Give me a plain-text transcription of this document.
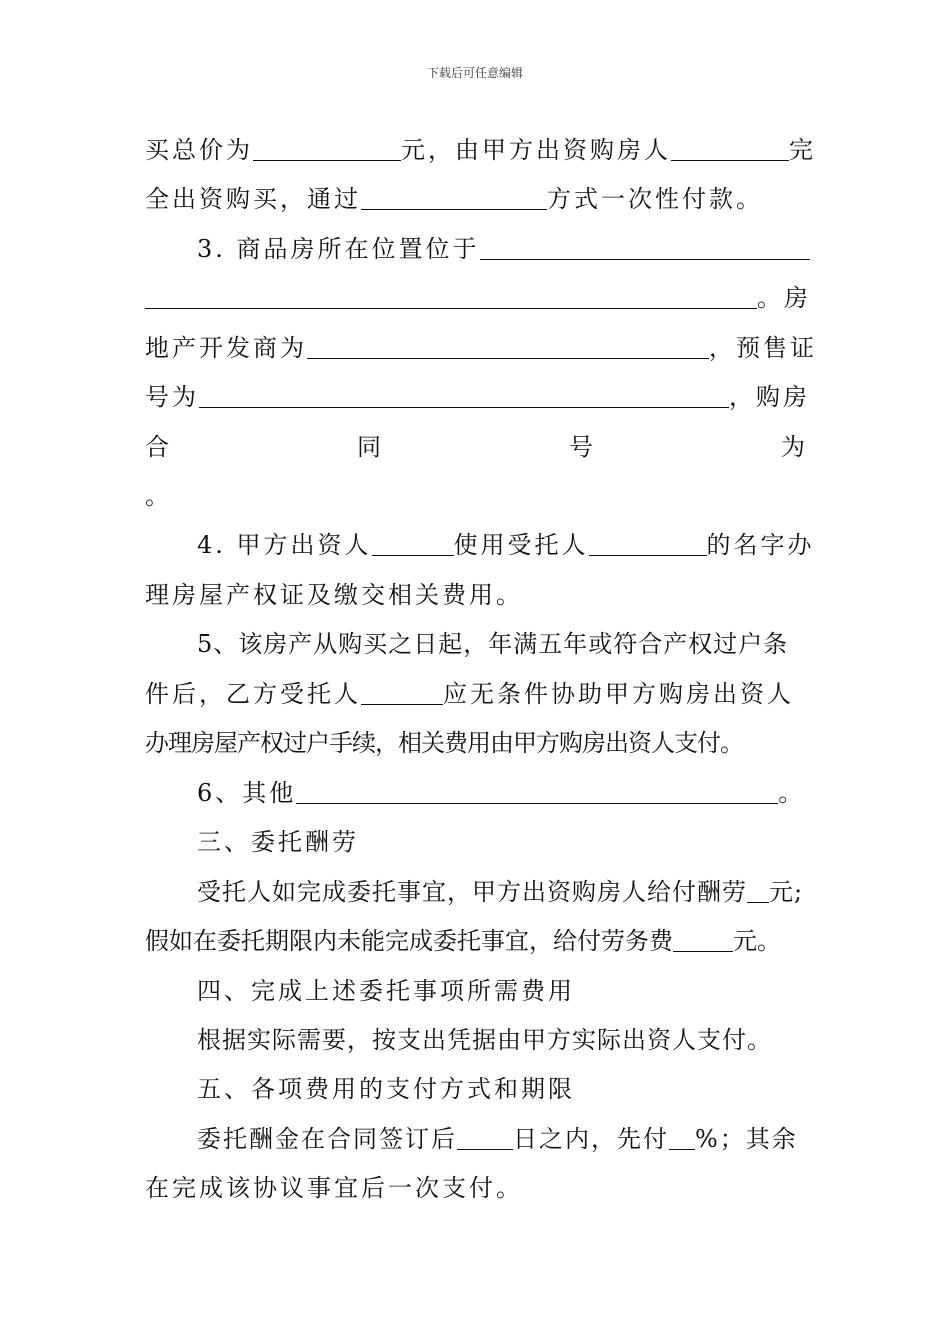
下载后可任意编辑
买总价为	元，由甲方出资购房人	完
全出资购买，通过	方式一次性付款。
3. 商品房所在位置位于
。房
地产开发商为	，预售证
号为	，购房
合	同	号	为
。
4. 甲方出资人	使用受托人	的名字办
理房屋产权证及缴交相关费用。
5、该房产从购买之日起，年满五年或符合产权过户条
件后，乙方受托人	应无条件协助甲方购房出资人
办理房屋产权过户手续，相关费用由甲方购房出资人支付。
6、其他	。
三、委托酬劳
受托人如完成委托事宜，甲方出资购房人给付酬劳 元;
假如在委托期限内未能完成委托事宜，给付劳务费	元。
四、完成上述委托事项所需费用
根据实际需要，按支出凭据由甲方实际出资人支付。
五、各项费用的支付方式和期限
委托酬金在合同签订后 日之内，先付 %；其余
在完成该协议事宜后一次支付。
